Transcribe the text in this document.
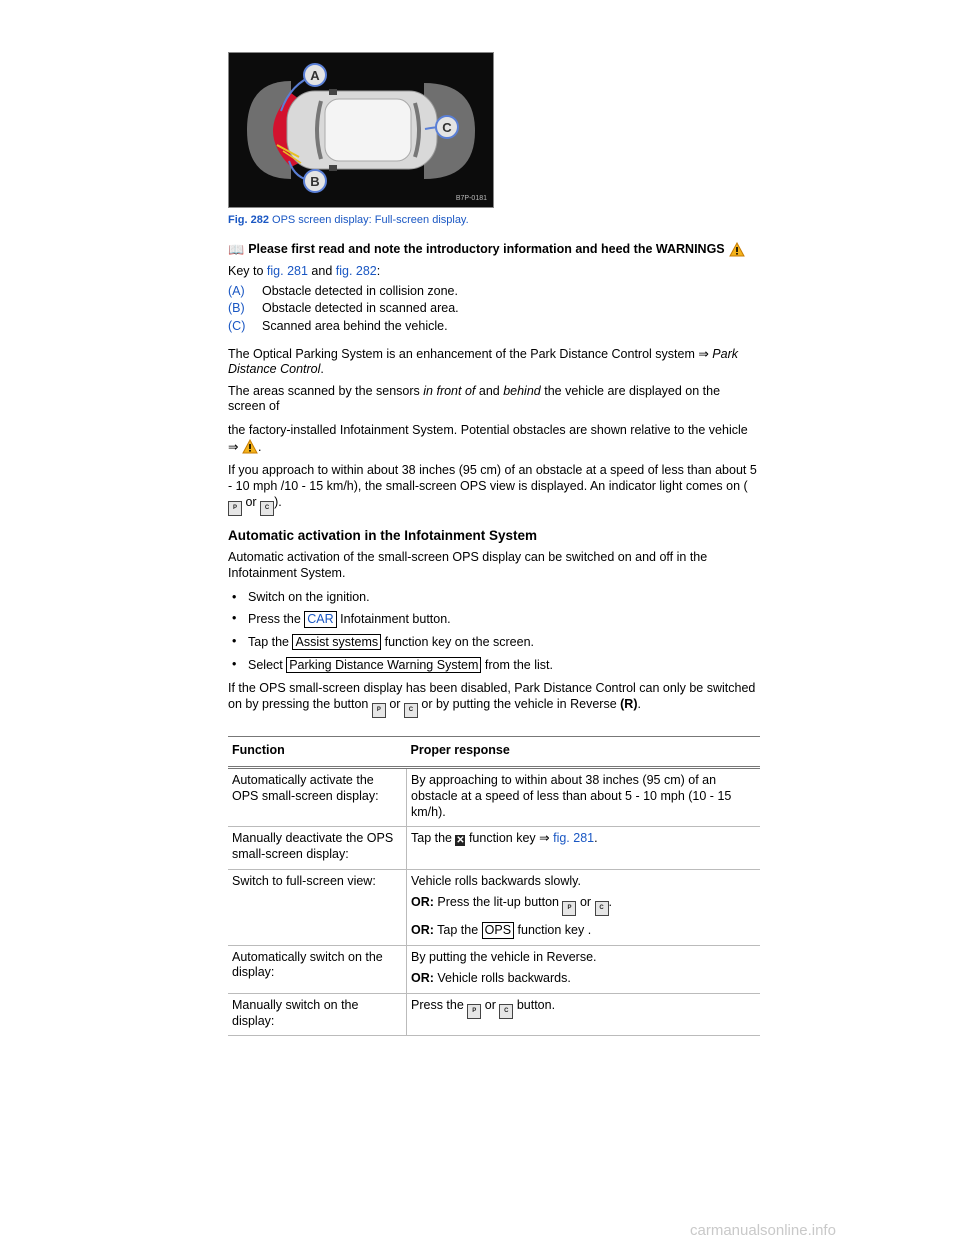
A
B
C
B7P-0181
Fig. 282 OPS screen display: Full-screen display.
📖 Please first read and note the introductory information and heed the WARNINGS

Key to fig. 281 and fig. 282:

(A)	Obstacle detected in collision zone.
(B)	Obstacle detected in scanned area.
(C)	Scanned area behind the vehicle.

The Optical Parking System is an enhancement of the Park Distance Control system ⇒ Park Distance Control.

The areas scanned by the sensors in front of and behind the vehicle are displayed on the screen of

the factory-installed Infotainment System. Potential obstacles are shown relative to the vehicle ⇒ .

If you approach to within about 38 inches (95 cm) of an obstacle at a speed of less than about 5 - 10 mph /10 - 15 km/h), the small-screen OPS view is displayed. An indicator light comes on (P or C ).

Automatic activation in the Infotainment System

Automatic activation of the small-screen OPS display can be switched on and off in the Infotainment System.

• Switch on the ignition.
• Press the CAR Infotainment button.
• Tap the Assist systems function key on the screen.
• Select Parking Distance Warning System from the list.

If the OPS small-screen display has been disabled, Park Distance Control can only be switched on by pressing the button P or C or by putting the vehicle in Reverse (R).

Function	Proper response
Automatically activate the OPS small-screen display:	By approaching to within about 38 inches (95 cm) of an obstacle at a speed of less than about 5 - 10 mph (10 - 15 km/h).
Manually deactivate the OPS small-screen display:	Tap the ✕ function key ⇒ fig. 281.
Switch to full-screen view:	Vehicle rolls backwards slowly.

OR: Press the lit-up button P or C .

OR: Tap the OPS function key .

Automatically switch on the display:	By putting the vehicle in Reverse.

OR: Vehicle rolls backwards.

Manually switch on the display:	Press the P or C button.
carmanualsonline.info
